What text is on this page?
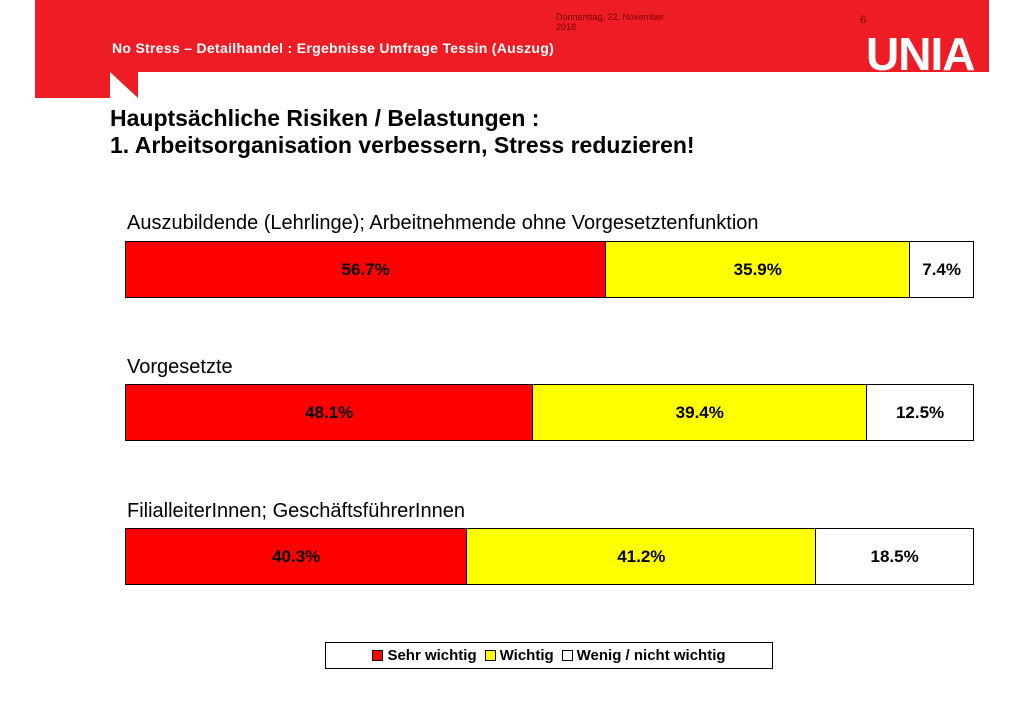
Donnerstag, 22. November 2018
6
No Stress – Detailhandel : Ergebnisse Umfrage Tessin (Auszug)	UNIA
Hauptsächliche Risiken / Belastungen :
1. Arbeitsorganisation verbessern, Stress reduzieren!
Auszubildende (Lehrlinge); Arbeitnehmende ohne Vorgesetztenfunktion
56.7%	35.9%	7.4%
Vorgesetzte
48.1%	39.4%	12.5%
FilialleiterInnen; GeschäftsführerInnen
40.3%	41.2%	18.5%
Sehr wichtig Wichtig Wenig / nicht wichtig
